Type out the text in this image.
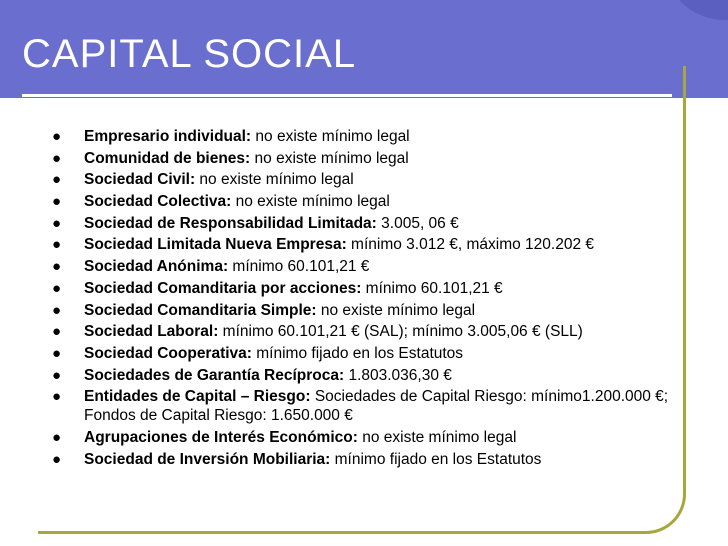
CAPITAL SOCIAL
● Empresario individual: no existe mínimo legal
● Comunidad de bienes: no existe mínimo legal
● Sociedad Civil: no existe mínimo legal
● Sociedad Colectiva: no existe mínimo legal
● Sociedad de Responsabilidad Limitada: 3.005, 06 €
● Sociedad Limitada Nueva Empresa: mínimo 3.012 €, máximo 120.202 €
● Sociedad Anónima: mínimo 60.101,21 €
● Sociedad Comanditaria por acciones: mínimo 60.101,21 €
● Sociedad Comanditaria Simple: no existe mínimo legal
● Sociedad Laboral: mínimo 60.101,21 € (SAL); mínimo 3.005,06 € (SLL)
● Sociedad Cooperativa: mínimo fijado en los Estatutos
● Sociedades de Garantía Recíproca: 1.803.036,30 €
● Entidades de Capital – Riesgo: Sociedades de Capital Riesgo: mínimo1.200.000 €; Fondos de Capital Riesgo: 1.650.000 €
● Agrupaciones de Interés Económico: no existe mínimo legal
● Sociedad de Inversión Mobiliaria: mínimo fijado en los Estatutos
